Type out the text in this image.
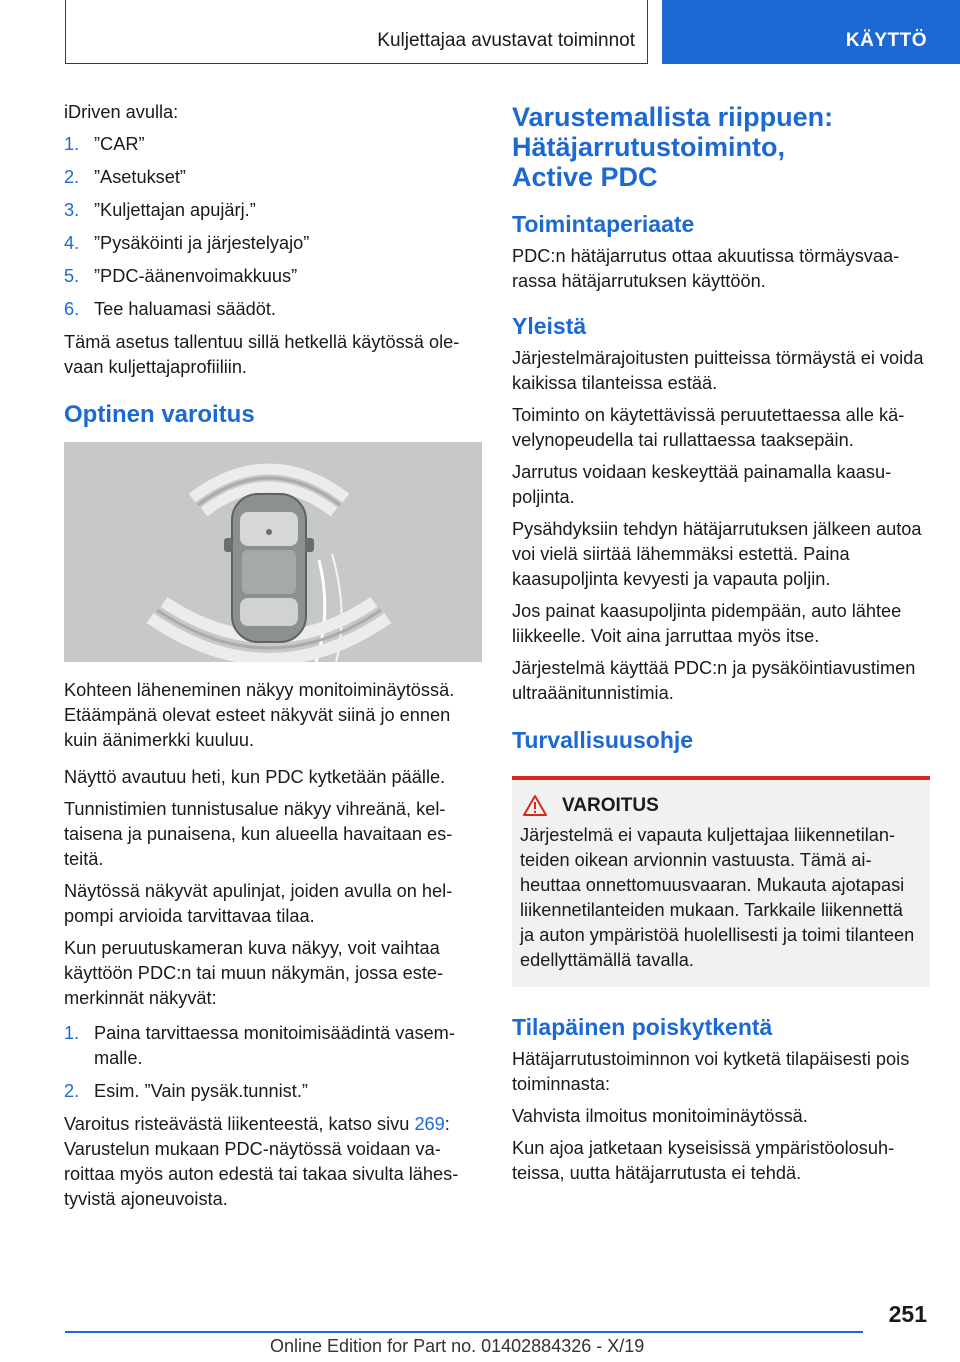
Kuljettajaa avustavat toiminnot	KÄYTTÖ

iDriven avulla:

1. ”CAR”
2. ”Asetukset”
3. ”Kuljettajan apujärj.”
4. ”Pysäköinti ja järjestelyajo”
5. ”PDC-äänenvoimakkuus”
6. Tee haluamasi säädöt.

Tämä asetus tallentuu sillä hetkellä käytössä olevaan kuljettajaprofiiliin.

Optinen varoitus

Kohteen läheneminen näkyy monitoiminäytössä. Etäämpänä olevat esteet näkyvät siinä jo ennen kuin äänimerkki kuuluu.

Näyttö avautuu heti, kun PDC kytketään päälle.

Tunnistimien tunnistusalue näkyy vihreänä, keltaisena ja punaisena, kun alueella havaitaan esteitä.

Näytössä näkyvät apulinjat, joiden avulla on helpompi arvioida tarvittavaa tilaa.

Kun peruutuskameran kuva näkyy, voit vaihtaa käyttöön PDC:n tai muun näkymän, jossa estemerkinnät näkyvät:

1. Paina tarvittaessa monitoimisäädintä vasemmalle.
2. Esim. ”Vain pysäk.tunnist.”

Varoitus risteävästä liikenteestä, katso sivu 269:

Varustelun mukaan PDC-näytössä voidaan varoittaa myös auton edestä tai takaa sivulta lähestyvistä ajoneuvoista.

Varustemallista riippuen:
Hätäjarrutustoiminto,
Active PDC
Toimintaperiaate

PDC:n hätäjarrutus ottaa akuutissa törmäysvaarassa hätäjarrutuksen käyttöön.

Yleistä

Järjestelmärajoitusten puitteissa törmäystä ei voida kaikissa tilanteissa estää.

Toiminto on käytettävissä peruutettaessa alle kävelynopeudella tai rullattaessa taaksepäin.

Jarrutus voidaan keskeyttää painamalla kaasupoljinta.

Pysähdyksiin tehdyn hätäjarrutuksen jälkeen autoa voi vielä siirtää lähemmäksi estettä. Paina kaasupoljinta kevyesti ja vapauta poljin.

Jos painat kaasupoljinta pidempään, auto lähtee liikkeelle. Voit aina jarruttaa myös itse.

Järjestelmä käyttää PDC:n ja pysäköintiavustimen ultraäänitunnistimia.

Turvallisuusohje
VAROITUS

Järjestelmä ei vapauta kuljettajaa liikennetilanteiden oikean arvionnin vastuusta. Tämä aiheuttaa onnettomuusvaaran. Mukauta ajotapasi liikennetilanteiden mukaan. Tarkkaile liikennettä ja auton ympäristöä huolellisesti ja toimi tilanteen edellyttämällä tavalla.

Tilapäinen poiskytkentä

Hätäjarrutustoiminnon voi kytketä tilapäisesti pois toiminnasta:

Vahvista ilmoitus monitoiminäytössä.

Kun ajoa jatketaan kyseisissä ympäristöolosuhteissa, uutta hätäjarrutusta ei tehdä.

251
Online Edition for Part no. 01402884326 - X/19
